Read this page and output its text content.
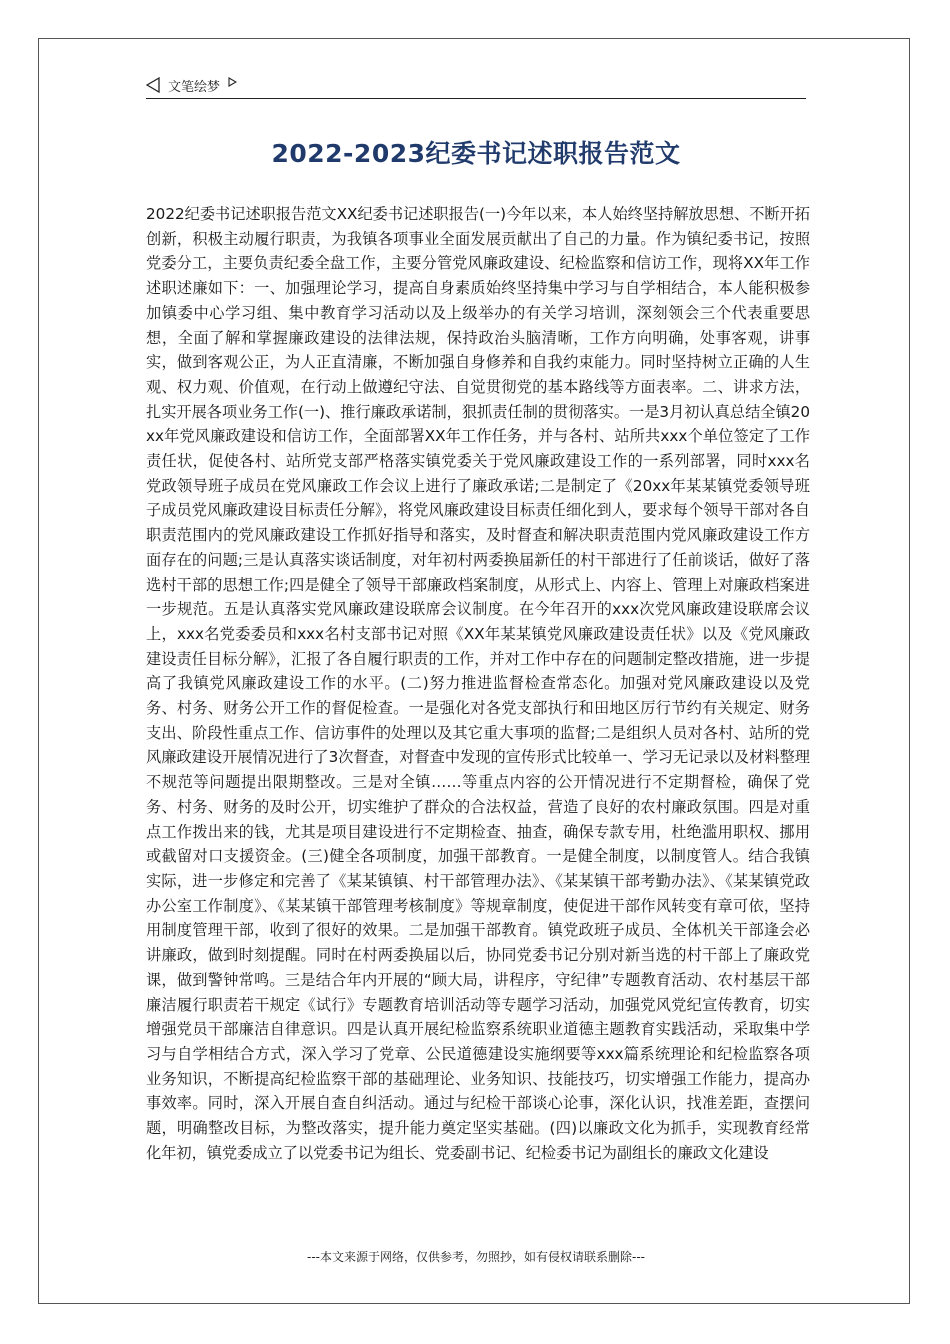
文笔绘梦
2022-2023纪委书记述职报告范文

2022纪委书记述职报告范文XX纪委书记述职报告(一)今年以来，本人始终坚持解放思想、不断开拓创新，积极主动履行职责，为我镇各项事业全面发展贡献出了自己的力量。作为镇纪委书记，按照党委分工，主要负责纪委全盘工作，主要分管党风廉政建设、纪检监察和信访工作，现将XX年工作述职述廉如下：一、加强理论学习，提高自身素质始终坚持集中学习与自学相结合，本人能积极参加镇委中心学习组、集中教育学习活动以及上级举办的有关学习培训，深刻领会三个代表重要思想，全面了解和掌握廉政建设的法律法规，保持政治头脑清晰，工作方向明确，处事客观，讲事实，做到客观公正，为人正直清廉，不断加强自身修养和自我约束能力。同时坚持树立正确的人生观、权力观、价值观，在行动上做遵纪守法、自觉贯彻党的基本路线等方面表率。二、讲求方法，扎实开展各项业务工作(一)、推行廉政承诺制，狠抓责任制的贯彻落实。一是3月初认真总结全镇20xx年党风廉政建设和信访工作，全面部署XX年工作任务，并与各村、站所共xxx个单位签定了工作责任状，促使各村、站所党支部严格落实镇党委关于党风廉政建设工作的一系列部署，同时xxx名党政领导班子成员在党风廉政工作会议上进行了廉政承诺;二是制定了《20xx年某某镇党委领导班子成员党风廉政建设目标责任分解》，将党风廉政建设目标责任细化到人，要求每个领导干部对各自职责范围内的党风廉政建设工作抓好指导和落实，及时督查和解决职责范围内党风廉政建设工作方面存在的问题;三是认真落实谈话制度，对年初村两委换届新任的村干部进行了任前谈话，做好了落选村干部的思想工作;四是健全了领导干部廉政档案制度，从形式上、内容上、管理上对廉政档案进一步规范。五是认真落实党风廉政建设联席会议制度。在今年召开的xxx次党风廉政建设联席会议上，xxx名党委委员和xxx名村支部书记对照《XX年某某镇党风廉政建设责任状》以及《党风廉政建设责任目标分解》，汇报了各自履行职责的工作，并对工作中存在的问题制定整改措施，进一步提高了我镇党风廉政建设工作的水平。(二)努力推进监督检查常态化。加强对党风廉政建设以及党务、村务、财务公开工作的督促检查。一是强化对各党支部执行和田地区厉行节约有关规定、财务支出、阶段性重点工作、信访事件的处理以及其它重大事项的监督;二是组织人员对各村、站所的党风廉政建设开展情况进行了3次督查，对督查中发现的宣传形式比较单一、学习无记录以及材料整理不规范等问题提出限期整改。三是对全镇……等重点内容的公开情况进行不定期督检，确保了党务、村务、财务的及时公开，切实维护了群众的合法权益，营造了良好的农村廉政氛围。四是对重点工作拨出来的钱，尤其是项目建设进行不定期检查、抽查，确保专款专用，杜绝滥用职权、挪用或截留对口支援资金。(三)健全各项制度，加强干部教育。一是健全制度，以制度管人。结合我镇实际，进一步修定和完善了《某某镇镇、村干部管理办法》、《某某镇干部考勤办法》、《某某镇党政办公室工作制度》、《某某镇干部管理考核制度》等规章制度，使促进干部作风转变有章可依，坚持用制度管理干部，收到了很好的效果。二是加强干部教育。镇党政班子成员、全体机关干部逢会必讲廉政，做到时刻提醒。同时在村两委换届以后，协同党委书记分别对新当选的村干部上了廉政党课，做到警钟常鸣。三是结合年内开展的“顾大局，讲程序，守纪律”专题教育活动、农村基层干部廉洁履行职责若干规定《试行》专题教育培训活动等专题学习活动，加强党风党纪宣传教育，切实增强党员干部廉洁自律意识。四是认真开展纪检监察系统职业道德主题教育实践活动，采取集中学习与自学相结合方式，深入学习了党章、公民道德建设实施纲要等xxx篇系统理论和纪检监察各项业务知识，不断提高纪检监察干部的基础理论、业务知识、技能技巧，切实增强工作能力，提高办事效率。同时，深入开展自查自纠活动。通过与纪检干部谈心论事，深化认识，找准差距，查摆问题，明确整改目标，为整改落实，提升能力奠定坚实基础。(四)以廉政文化为抓手，实现教育经常化年初，镇党委成立了以党委书记为组长、党委副书记、纪检委书记为副组长的廉政文化建设

---本文来源于网络，仅供参考，勿照抄，如有侵权请联系删除---
